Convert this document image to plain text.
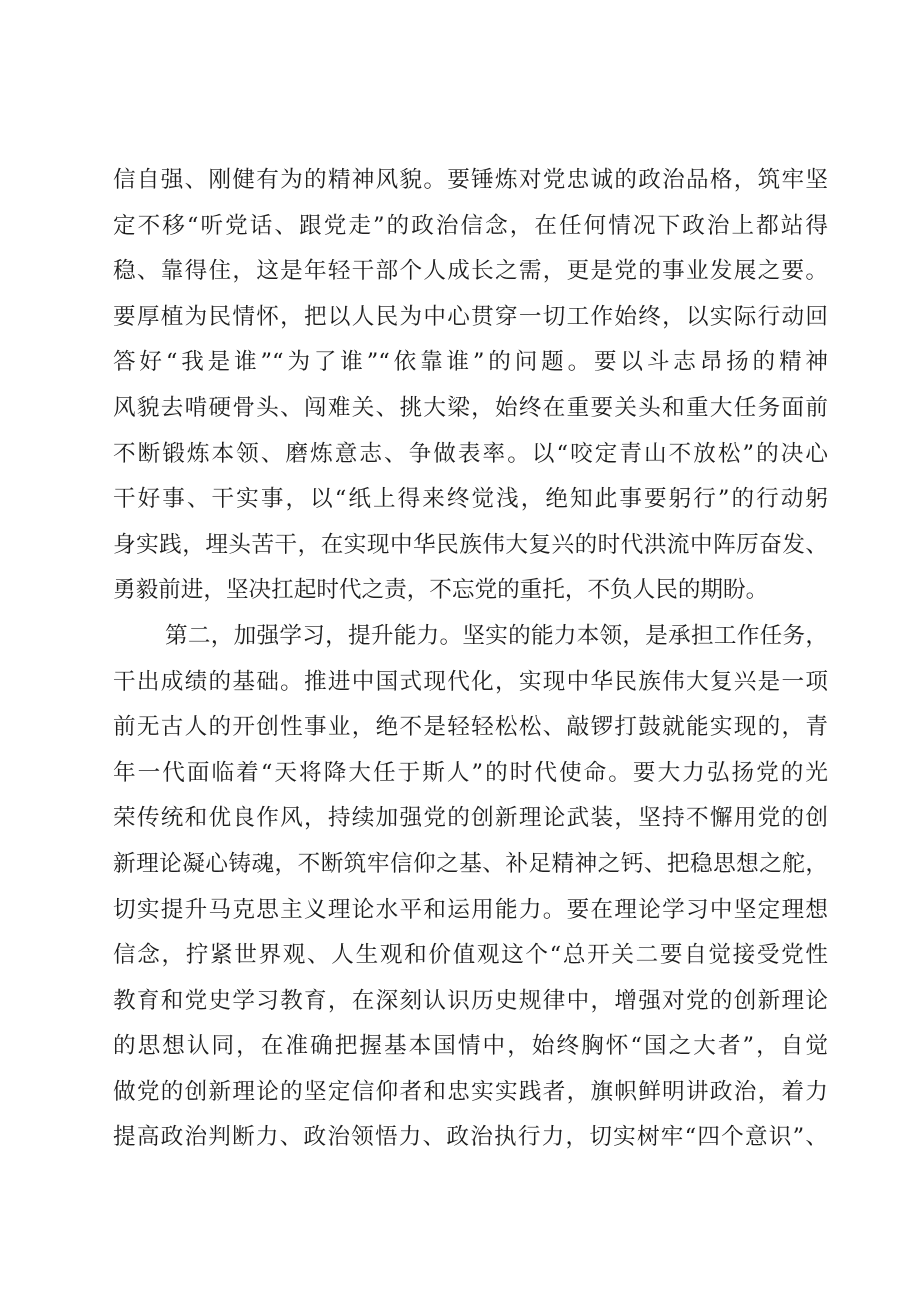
信自强、刚健有为的精神风貌。要锤炼对党忠诚的政治品格，筑牢坚
定不移“听党话、跟党走”的政治信念，在任何情况下政治上都站得
稳、靠得住，这是年轻干部个人成长之需，更是党的事业发展之要。
要厚植为民情怀，把以人民为中心贯穿一切工作始终，以实际行动回
答好“我是谁”“为了谁”“依靠谁”的问题。要以斗志昂扬的精神
风貌去啃硬骨头、闯难关、挑大梁，始终在重要关头和重大任务面前
不断锻炼本领、磨炼意志、争做表率。以“咬定青山不放松”的决心
干好事、干实事，以“纸上得来终觉浅，绝知此事要躬行”的行动躬
身实践，埋头苦干，在实现中华民族伟大复兴的时代洪流中阵厉奋发、
勇毅前进，坚决扛起时代之责，不忘党的重托，不负人民的期盼。
第二，加强学习，提升能力。坚实的能力本领，是承担工作任务，
干出成绩的基础。推进中国式现代化，实现中华民族伟大复兴是一项
前无古人的开创性事业，绝不是轻轻松松、敲锣打鼓就能实现的，青
年一代面临着“天将降大任于斯人”的时代使命。要大力弘扬党的光
荣传统和优良作风，持续加强党的创新理论武装，坚持不懈用党的创
新理论凝心铸魂，不断筑牢信仰之基、补足精神之钙、把稳思想之舵，
切实提升马克思主义理论水平和运用能力。要在理论学习中坚定理想
信念，拧紧世界观、人生观和价值观这个“总开关二要自觉接受党性
教育和党史学习教育，在深刻认识历史规律中，增强对党的创新理论
的思想认同，在准确把握基本国情中，始终胸怀“国之大者”，自觉
做党的创新理论的坚定信仰者和忠实实践者，旗帜鲜明讲政治，着力
提高政治判断力、政治领悟力、政治执行力，切实树牢“四个意识”、
